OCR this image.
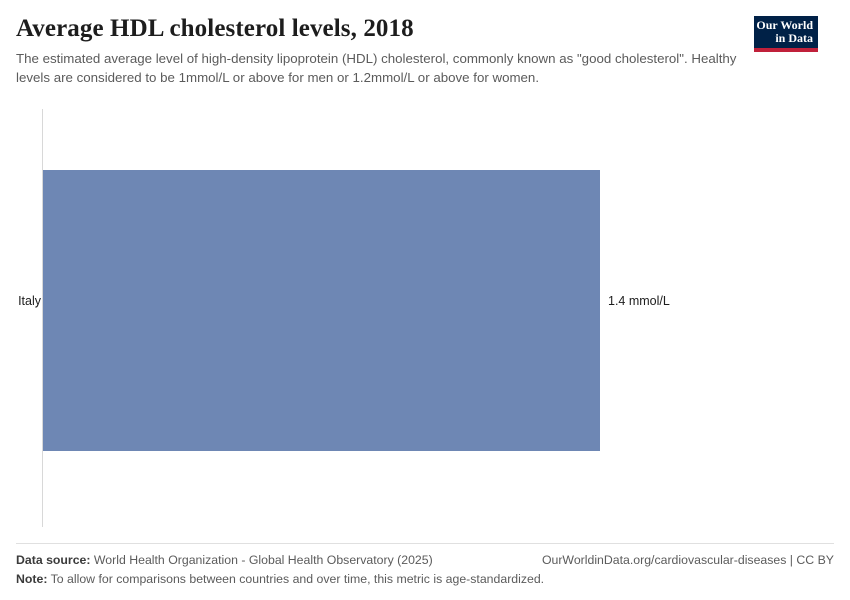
Average HDL cholesterol levels, 2018

The estimated average level of high-density lipoprotein (HDL) cholesterol, commonly known as "good cholesterol". Healthy levels are considered to be 1mmol/L or above for men or 1.2mmol/L or above for women.

Our World
in Data
Italy	1.4 mmol/L
Data source: World Health Organization - Global Health Observatory (2025)	OurWorldinData.org/cardiovascular-diseases | CC BY
Note: To allow for comparisons between countries and over time, this metric is age-standardized.
